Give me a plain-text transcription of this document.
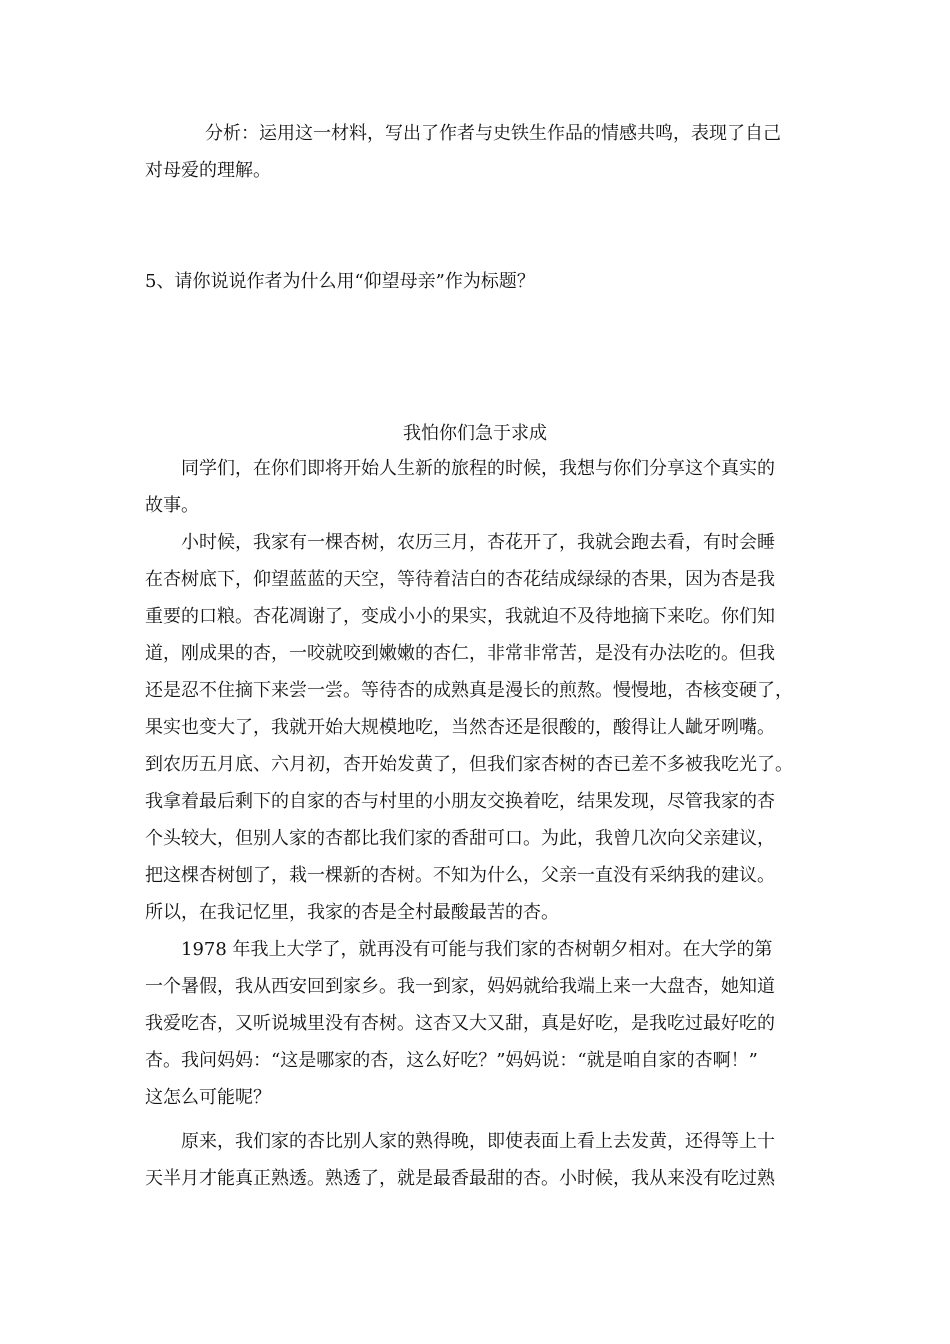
分析：运用这一材料，写出了作者与史铁生作品的情感共鸣，表现了自己
对母爱的理解。
5、请你说说作者为什么用“仰望母亲”作为标题？
我怕你们急于求成
同学们，在你们即将开始人生新的旅程的时候，我想与你们分享这个真实的
故事。
小时候，我家有一棵杏树，农历三月，杏花开了，我就会跑去看，有时会睡
在杏树底下，仰望蓝蓝的天空，等待着洁白的杏花结成绿绿的杏果，因为杏是我
重要的口粮。杏花凋谢了，变成小小的果实，我就迫不及待地摘下来吃。你们知
道，刚成果的杏，一咬就咬到嫩嫩的杏仁，非常非常苦，是没有办法吃的。但我
还是忍不住摘下来尝一尝。等待杏的成熟真是漫长的煎熬。慢慢地，杏核变硬了，
果实也变大了，我就开始大规模地吃，当然杏还是很酸的，酸得让人龇牙咧嘴。
到农历五月底、六月初，杏开始发黄了，但我们家杏树的杏已差不多被我吃光了。
我拿着最后剩下的自家的杏与村里的小朋友交换着吃，结果发现，尽管我家的杏
个头较大，但别人家的杏都比我们家的香甜可口。为此，我曾几次向父亲建议，
把这棵杏树刨了，栽一棵新的杏树。不知为什么，父亲一直没有采纳我的建议。
所以，在我记忆里，我家的杏是全村最酸最苦的杏。
1978 年我上大学了，就再没有可能与我们家的杏树朝夕相对。在大学的第
一个暑假，我从西安回到家乡。我一到家，妈妈就给我端上来一大盘杏，她知道
我爱吃杏，又听说城里没有杏树。这杏又大又甜，真是好吃，是我吃过最好吃的
杏。我问妈妈：“这是哪家的杏，这么好吃？”妈妈说：“就是咱自家的杏啊！”
这怎么可能呢？
原来，我们家的杏比别人家的熟得晚，即使表面上看上去发黄，还得等上十
天半月才能真正熟透。熟透了，就是最香最甜的杏。小时候，我从来没有吃过熟
